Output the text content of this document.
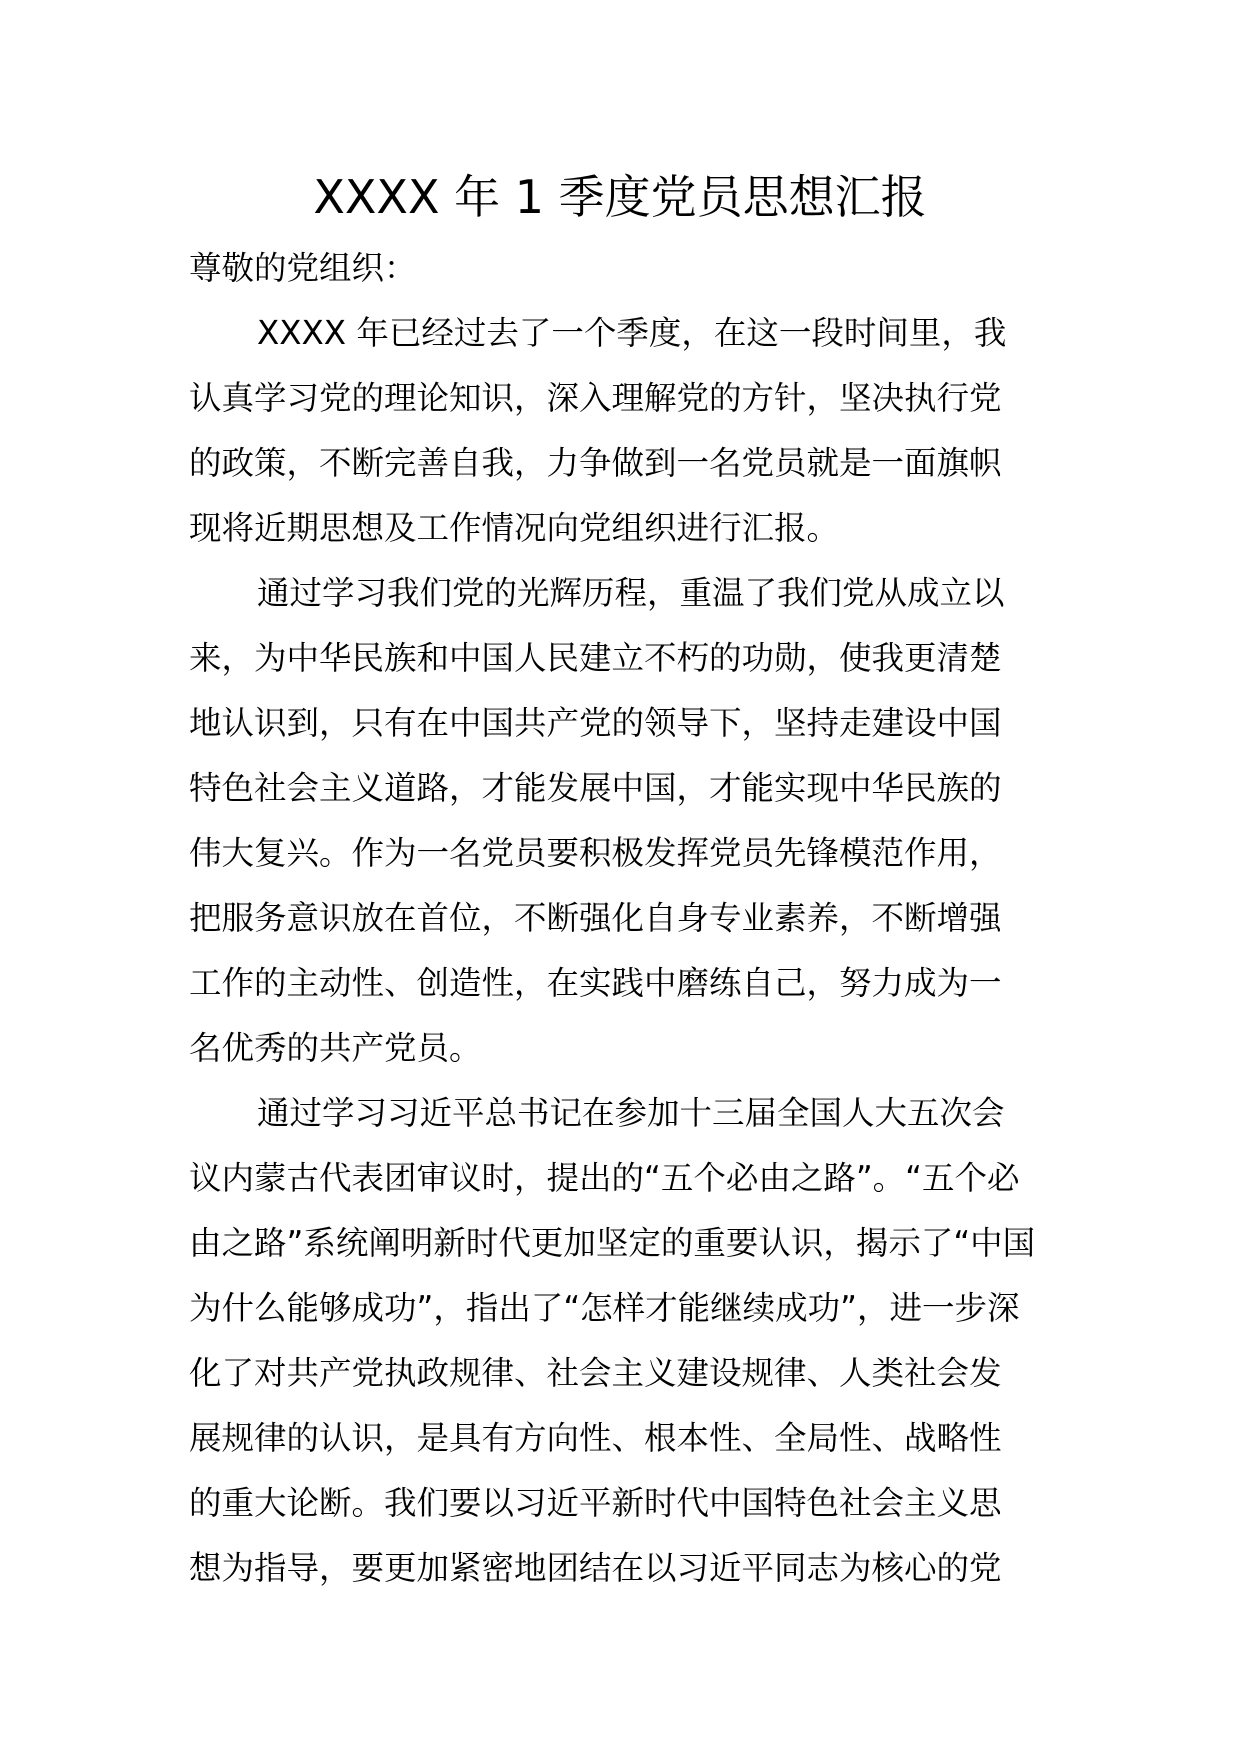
XXXX 年 1 季度党员思想汇报
尊敬的党组织：
XXXX 年已经过去了一个季度，在这一段时间里，我
认真学习党的理论知识，深入理解党的方针，坚决执行党
的政策，不断完善自我，力争做到一名党员就是一面旗帜
现将近期思想及工作情况向党组织进行汇报。
通过学习我们党的光辉历程，重温了我们党从成立以
来，为中华民族和中国人民建立不朽的功勋，使我更清楚
地认识到，只有在中国共产党的领导下，坚持走建设中国
特色社会主义道路，才能发展中国，才能实现中华民族的
伟大复兴。作为一名党员要积极发挥党员先锋模范作用，
把服务意识放在首位，不断强化自身专业素养，不断增强
工作的主动性、创造性，在实践中磨练自己，努力成为一
名优秀的共产党员。
通过学习习近平总书记在参加十三届全国人大五次会
议内蒙古代表团审议时，提出的“五个必由之路”。“五个必
由之路”系统阐明新时代更加坚定的重要认识，揭示了“中国
为什么能够成功”，指出了“怎样才能继续成功”，进一步深
化了对共产党执政规律、社会主义建设规律、人类社会发
展规律的认识，是具有方向性、根本性、全局性、战略性
的重大论断。我们要以习近平新时代中国特色社会主义思
想为指导，要更加紧密地团结在以习近平同志为核心的党
